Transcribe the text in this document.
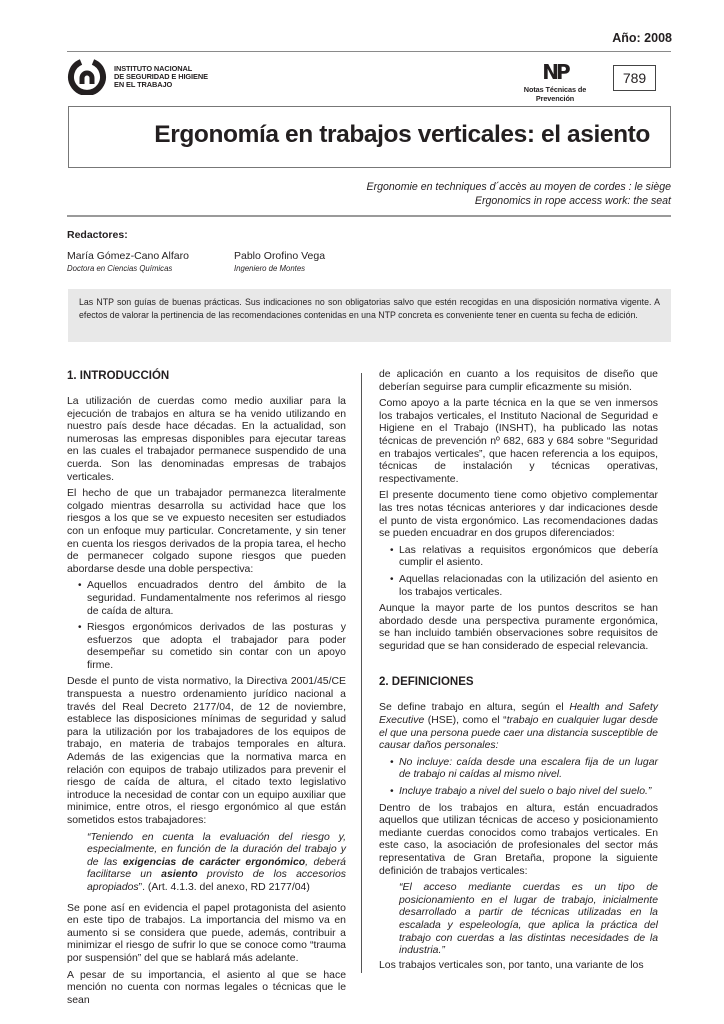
Año: 2008
INSTITUTO NACIONAL
DE SEGURIDAD E HIGIENE
EN EL TRABAJO
NP
Notas Técnicas de Prevención
789
Ergonomía en trabajos verticales: el asiento
Ergonomie en techniques d´accès au moyen de cordes : le siège
Ergonomics in rope access work: the seat
Redactores:
María Gómez-Cano Alfaro
Doctora en Ciencias Químicas
Pablo Orofino Vega
Ingeniero de Montes
Las NTP son guías de buenas prácticas. Sus indicaciones no son obligatorias salvo que estén recogidas en una disposición normativa vigente. A efectos de valorar la pertinencia de las recomendaciones contenidas en una NTP concreta es conveniente tener en cuenta su fecha de edición.
1. INTRODUCCIÓN

La utilización de cuerdas como medio auxiliar para la ejecución de trabajos en altura se ha venido utilizando en nuestro país desde hace décadas. En la actualidad, son numerosas las empresas disponibles para ejecutar tareas en las cuales el trabajador permanece suspendido de una cuerda. Son las denominadas empresas de trabajos verticales.

El hecho de que un trabajador permanezca literalmente colgado mientras desarrolla su actividad hace que los riesgos a los que se ve expuesto necesiten ser estudiados con un enfoque muy particular. Concretamente, y sin tener en cuenta los riesgos derivados de la propia tarea, el hecho de permanecer colgado supone riesgos que pueden abordarse desde una doble perspectiva:

• Aquellos encuadrados dentro del ámbito de la seguridad. Fundamentalmente nos referimos al riesgo de caída de altura.
• Riesgos ergonómicos derivados de las posturas y esfuerzos que adopta el trabajador para poder desempeñar su cometido sin contar con un apoyo firme.

Desde el punto de vista normativo, la Directiva 2001/45/CE transpuesta a nuestro ordenamiento jurídico nacional a través del Real Decreto 2177/04, de 12 de noviembre, establece las disposiciones mínimas de seguridad y salud para la utilización por los trabajadores de los equipos de trabajo, en materia de trabajos temporales en altura. Además de las exigencias que la normativa marca en relación con equipos de trabajo utilizados para prevenir el riesgo de caída de altura, el citado texto legislativo introduce la necesidad de contar con un equipo auxiliar que minimice, entre otros, el riesgo ergonómico al que están sometidos estos trabajadores:

“Teniendo en cuenta la evaluación del riesgo y, especialmente, en función de la duración del trabajo y de las exigencias de carácter ergonómico, deberá facilitarse un asiento provisto de los accesorios apropiados”. (Art. 4.1.3. del anexo, RD 2177/04)

Se pone así en evidencia el papel protagonista del asiento en este tipo de trabajos. La importancia del mismo va en aumento si se considera que puede, además, contribuir a minimizar el riesgo de sufrir lo que se conoce como “trauma por suspensión” del que se hablará más adelante.

A pesar de su importancia, el asiento al que se hace mención no cuenta con normas legales o técnicas que le sean

de aplicación en cuanto a los requisitos de diseño que deberían seguirse para cumplir eficazmente su misión.

Como apoyo a la parte técnica en la que se ven inmersos los trabajos verticales, el Instituto Nacional de Seguridad e Higiene en el Trabajo (INSHT), ha publicado las notas técnicas de prevención nº 682, 683 y 684 sobre “Seguridad en trabajos verticales”, que hacen referencia a los equipos, técnicas de instalación y técnicas operativas, respectivamente.

El presente documento tiene como objetivo complementar las tres notas técnicas anteriores y dar indicaciones desde el punto de vista ergonómico. Las recomendaciones dadas se pueden encuadrar en dos grupos diferenciados:

• Las relativas a requisitos ergonómicos que debería cumplir el asiento.
• Aquellas relacionadas con la utilización del asiento en los trabajos verticales.

Aunque la mayor parte de los puntos descritos se han abordado desde una perspectiva puramente ergonómica, se han incluido también observaciones sobre requisitos de seguridad que se han considerado de especial relevancia.

2. DEFINICIONES

Se define trabajo en altura, según el Health and Safety Executive (HSE), como el “trabajo en cualquier lugar desde el que una persona puede caer una distancia susceptible de causar daños personales:

• No incluye: caída desde una escalera fija de un lugar de trabajo ni caídas al mismo nivel.
• Incluye trabajo a nivel del suelo o bajo nivel del suelo.”

Dentro de los trabajos en altura, están encuadrados aquellos que utilizan técnicas de acceso y posicionamiento mediante cuerdas conocidos como trabajos verticales. En este caso, la asociación de profesionales del sector más representativa de Gran Bretaña, propone la siguiente definición de trabajos verticales:

“El acceso mediante cuerdas es un tipo de posicionamiento en el lugar de trabajo, inicialmente desarrollado a partir de técnicas utilizadas en la escalada y espeleología, que aplica la práctica del trabajo con cuerdas a las distintas necesidades de la industria.”

Los trabajos verticales son, por tanto, una variante de los
